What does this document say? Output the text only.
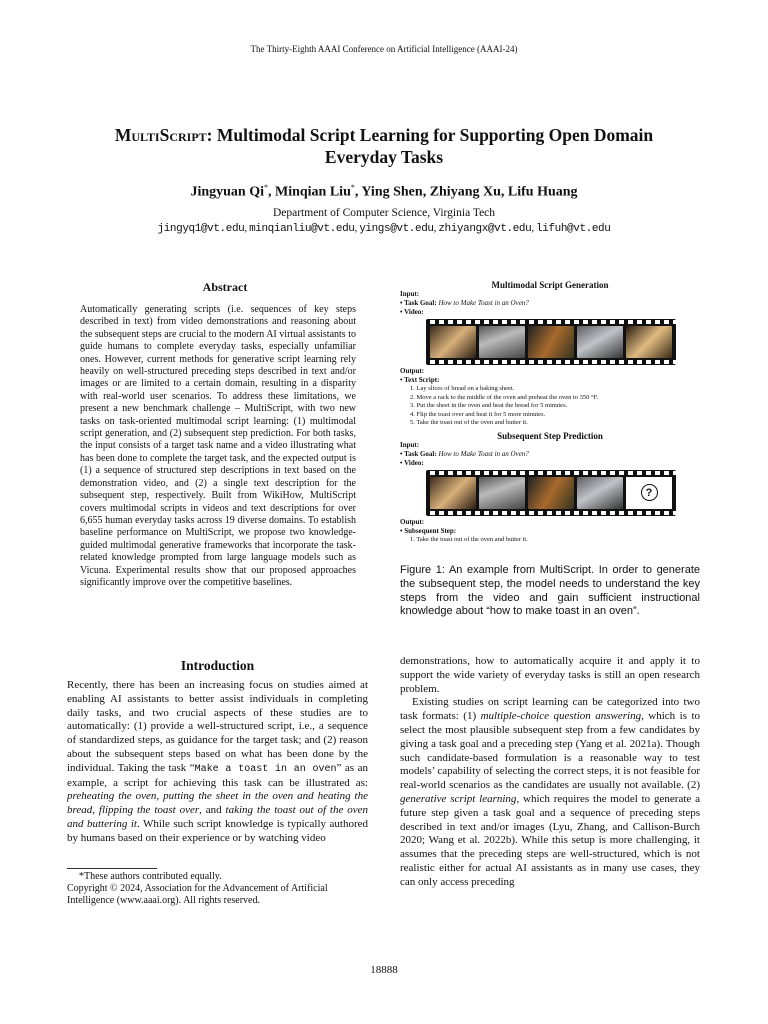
The Thirty-Eighth AAAI Conference on Artificial Intelligence (AAAI-24)
MultiScript: Multimodal Script Learning for Supporting Open Domain
Everyday Tasks
Jingyuan Qi*, Minqian Liu*, Ying Shen, Zhiyang Xu, Lifu Huang
Department of Computer Science, Virginia Tech
jingyq1@vt.edu, minqianliu@vt.edu, yings@vt.edu, zhiyangx@vt.edu, lifuh@vt.edu
Abstract

Automatically generating scripts (i.e. sequences of key steps described in text) from video demonstrations and reasoning about the subsequent steps are crucial to the modern AI virtual assistants to guide humans to complete everyday tasks, especially unfamiliar ones. However, current methods for generative script learning rely heavily on well-structured preceding steps described in text and/or images or are limited to a certain domain, resulting in a disparity with real-world user scenarios. To address these limitations, we present a new benchmark challenge – MultiScript, with two new tasks on task-oriented multimodal script learning: (1) multimodal script generation, and (2) subsequent step prediction. For both tasks, the input consists of a target task name and a video illustrating what has been done to complete the target task, and the expected output is (1) a sequence of structured step descriptions in text based on the demonstration video, and (2) a single text description for the subsequent step, respectively. Built from WikiHow, MultiScript covers multimodal scripts in videos and text descriptions for over 6,655 human everyday tasks across 19 diverse domains. To establish baseline performance on MultiScript, we propose two knowledge-guided multimodal generative frameworks that incorporate the task-related knowledge prompted from large language models such as Vicuna. Experimental results show that our proposed approaches significantly improve over the competitive baselines.

Multimodal Script Generation
Input:
• Task Goal: How to Make Toast in an Oven?
• Video:
Output:
• Text Script:
1. Lay slices of bread on a baking sheet.
2. Move a rack to the middle of the oven and preheat the oven to 350 °F.
3. Put the sheet in the oven and heat the bread for 5 minutes.
4. Flip the toast over and heat it for 5 more minutes.
5. Take the toast out of the oven and butter it.
Subsequent Step Prediction
Input:
• Task Goal: How to Make Toast in an Oven?
• Video:
?
Output:
• Subsequent Step:
1. Take the toast out of the oven and butter it.

Figure 1: An example from MultiScript. In order to generate the subsequent step, the model needs to understand the key steps from the video and gain sufficient instructional knowledge about “how to make toast in an oven”.

Introduction

Recently, there has been an increasing focus on studies aimed at enabling AI assistants to better assist individuals in completing daily tasks, and two crucial aspects of these studies are to automatically: (1) provide a well-structured script, i.e., a sequence of standardized steps, as guidance for the target task; and (2) reason about the subsequent steps based on what has been done by the individual. Taking the task “Make a toast in an oven” as an example, a script for achieving this task can be illustrated as: preheating the oven, putting the sheet in the oven and heating the bread, flipping the toast over, and taking the toast out of the oven and buttering it. While such script knowledge is typically authored by humans based on their experience or by watching video

*These authors contributed equally.

Copyright © 2024, Association for the Advancement of Artificial Intelligence (www.aaai.org). All rights reserved.

demonstrations, how to automatically acquire it and apply it to support the wide variety of everyday tasks is still an open research problem.

Existing studies on script learning can be categorized into two task formats: (1) multiple-choice question answering, which is to select the most plausible subsequent step from a few candidates by giving a task goal and a preceding step (Yang et al. 2021a). Though such candidate-based formulation is a reasonable way to test models’ capability of selecting the correct steps, it is not feasible for real-world scenarios as the candidates are usually not available. (2) generative script learning, which requires the model to generate a future step given a task goal and a sequence of preceding steps described in text and/or images (Lyu, Zhang, and Callison-Burch 2020; Wang et al. 2022b). While this setup is more challenging, it assumes that the preceding steps are well-structured, which is not realistic either for actual AI assistants as in many use cases, they can only access preceding

18888
